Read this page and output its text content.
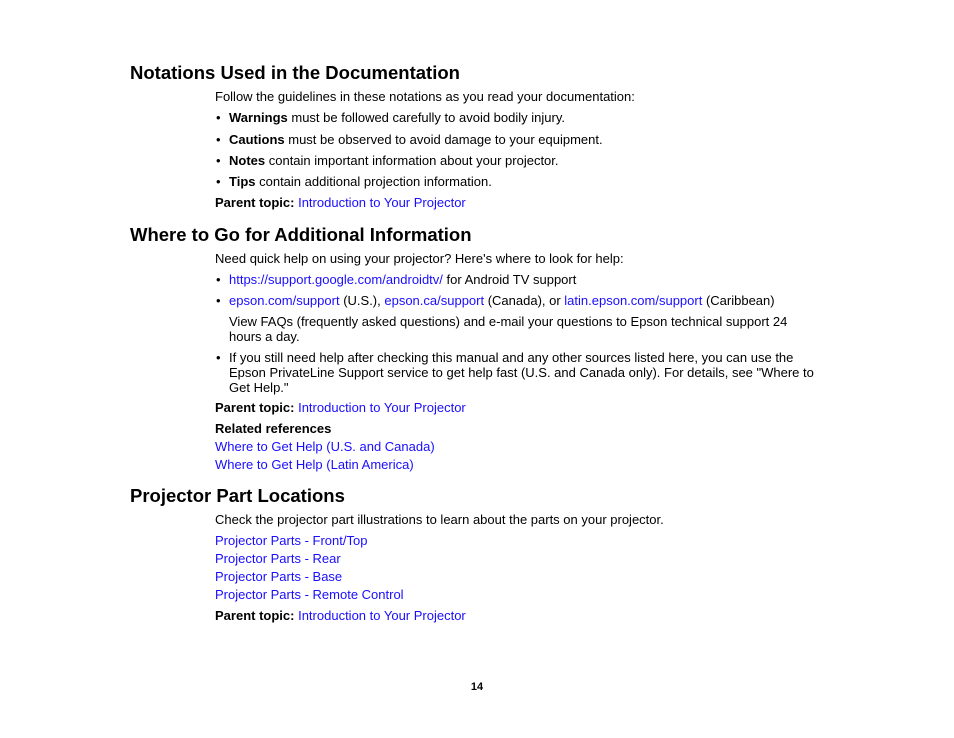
Notations Used in the Documentation

Follow the guidelines in these notations as you read your documentation:

• Warnings must be followed carefully to avoid bodily injury.

• Cautions must be observed to avoid damage to your equipment.

• Notes contain important information about your projector.

• Tips contain additional projection information.

Parent topic: Introduction to Your Projector

Where to Go for Additional Information

Need quick help on using your projector? Here's where to look for help:

• https://support.google.com/androidtv/ for Android TV support

• epson.com/support (U.S.), epson.ca/support (Canada), or latin.epson.com/support (Caribbean)

View FAQs (frequently asked questions) and e-mail your questions to Epson technical support 24 hours a day.

• If you still need help after checking this manual and any other sources listed here, you can use the Epson PrivateLine Support service to get help fast (U.S. and Canada only). For details, see "Where to Get Help."

Parent topic: Introduction to Your Projector

Related references

Where to Get Help (U.S. and Canada)

Where to Get Help (Latin America)

Projector Part Locations

Check the projector part illustrations to learn about the parts on your projector.

Projector Parts - Front/Top

Projector Parts - Rear

Projector Parts - Base

Projector Parts - Remote Control

Parent topic: Introduction to Your Projector

14
